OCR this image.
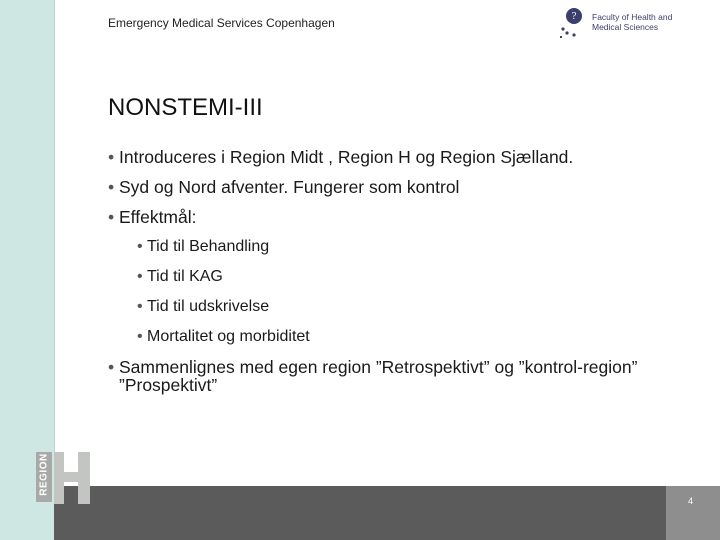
Emergency Medical Services Copenhagen	? Faculty of Health and
Medical Sciences
NONSTEMI-III
• Introduceres i Region Midt , Region H og Region Sjælland.
• Syd og Nord afventer. Fungerer som kontrol
• Effektmål:
• Tid til Behandling
• Tid til KAG
• Tid til udskrivelse
• Mortalitet og morbiditet
• Sammenlignes med egen region ”Retrospektivt” og ”kontrol-region” ”Prospektivt”
4
REGION
